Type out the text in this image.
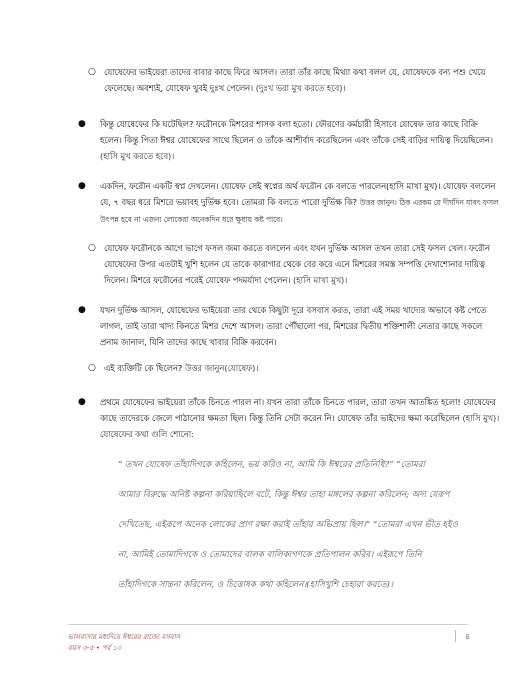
○ যোষেফের ভাইয়েরা তাদের বাবার কাছে ফিরে আসল। তারা তাঁর কাছে মিথ্যা কথা বলল যে, যোষেফকে বন্য পশু খেয়ে ফেলেছে। অবশ্যই, যোষেফ খুবই দুঃখ পেলেন। (দুঃখ ভরা মুখ করতে হবে)।
● কিন্তু যোষেফের কি ঘটেছিল? ফরৌনকে মিশরের শাসক বলা হতো। ফৌরণের কর্মচারী হিসাবে যোষেফ তার কাছে বিক্রি হলেন। কিন্তু পিতা ঈশ্বর যোষেফের সাথে ছিলেন ও তাঁকে আশীর্বাদ করেছিলেন এবং তাঁকে সেই বাড়ির দায়িত্ব দিয়েছিলেন। (হাসি মুখ করতে হবে)।
● একদিন, ফরৌন একটি স্বপ্ন দেখলেন। যোষেফ সেই স্বপ্নের অর্থ ফরৌন কে বলতে পারলেন(হাসি মাখা মুখ)। যোষেফ বললেন যে, ৭ বছর ধরে মিশরে ভয়াবহ দুর্ভিক্ষ হবে। তোমরা কি বলতে পারো দুর্ভিক্ষ কি? উত্তর জানুন। ঠিক এরকম যে দীর্ঘদিন যাবৎ ফসল উৎপন্ন হবে না এজন্য লোকেরা অনেকদিন ধরে ক্ষুধায় কষ্ট পাবে।
○ যোষেফ ফরৌনকে আগে ভাগে ফসল জমা করতে বললেন এবং যখন দুর্ভিক্ষ আসল তখন তারা সেই ফসল খেল। ফরৌন যোষেফের উপর এতটাই খুশি হলেন যে তাকে কারাগার থেকে বের করে এনে মিশরের সমস্ত সম্পত্তি দেখাশোনার দায়িত্ব দিলেন। মিশরে ফরৌনের পরেই যোষেফ পদমর্যাদা পেলেন। (হাসি মাখা মুখ)।
● যখন দুর্ভিক্ষ আসল, যোষেফের ভাইয়েরা তার থেকে কিছুটা দূরে বসবাস করত, তারা এই সময় খাদ্যের অভাবে কষ্ট পেতে লাগল, তাই তারা খাদ্য কিনতে মিশর দেশে আসল। তারা পৌঁছালো পর, মিশরের দ্বিতীয় শক্তিশালী নেতার কাছে সকলে প্রনাম জানাল, যিনি তাদের কাছে খাবার বিক্রি করবেন।
○ এই ব্যক্তিটি কে ছিলেন? উত্তর জানুন(যোষেফ)।
● প্রথমে যোষেফের ভাইয়েরা তাঁকে চিনতে পারল না। যখন তারা তাঁকে চিনতে পারল, তারা তখন আতঙ্কিত হলো! যোষেফের কাছে তাদেরকে জেলে পাঠানোর ক্ষমতা ছিল। কিন্তু তিনি সেটা করেন নি। যোষেফ তাঁর ভাইদের ক্ষমা করেছিলেন (হাসি মুখ)। যোষেফের কথা গুলি শোনো:
“ তখন যোষেফ তাঁহাদিগকে কহিলেন, ভয় করিও না, আমি কি ঈশ্বরের প্রতিনিধি?” “তোমরা
আমার বিরুদ্ধে অনিষ্ট কল্পনা করিয়াছিলে বটে, কিন্তু ঈশ্বর তাহা মঙ্গলের কল্পনা করিলেন; অদ্য যেরূপ
দেখিতেছ, এইরূপে অনেক লোকের প্রাণ রক্ষা করাই তাঁহার অভিপ্রায় ছিল।” “তোমরা এখন ভীত হইও
না, আমিই তোমাদিগকে ও তোমাদের বালক বালিকাগণকে প্রতিপালন করিব। এইরূপে তিনি
তাঁহাদিগকে সান্তনা করিলেন, ও চিত্তোষক কথা কহিলেন।(হাসিখুশি চেহারা করতে)।
ভালবাসার মধ্যদিয়ে ঈশ্বরের রাজ্যে বসবাস
বয়স ৩-৫ • পর্ব ১০
৪
